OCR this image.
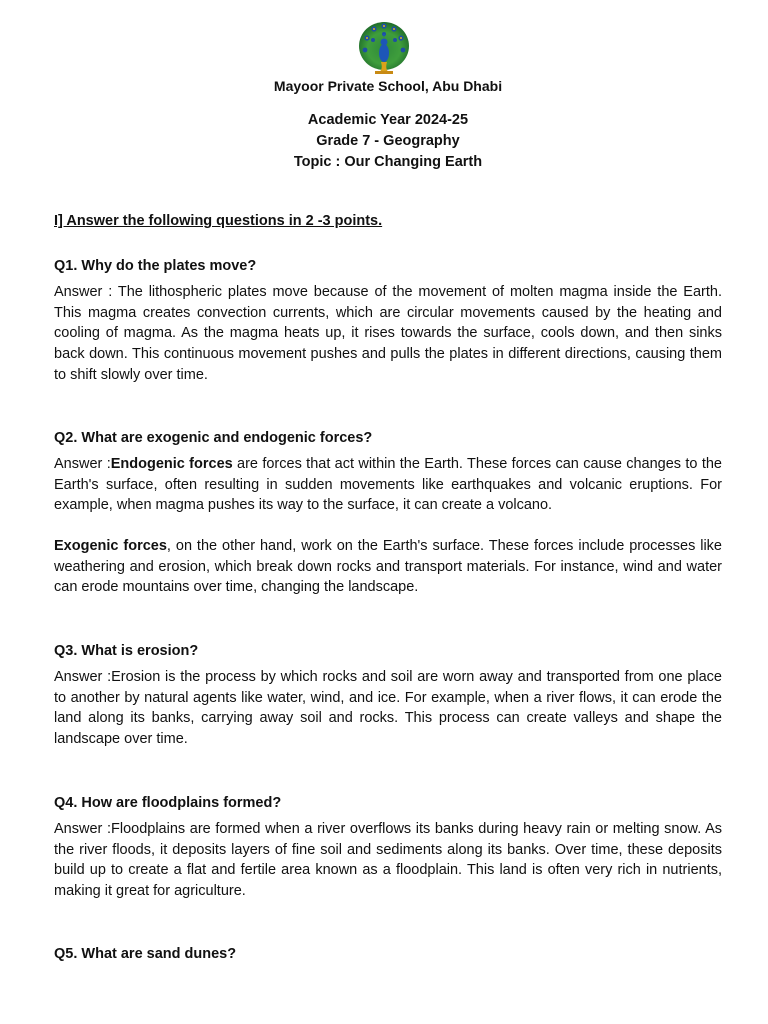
Mayoor Private School, Abu Dhabi
Academic Year 2024-25
Grade 7 - Geography
Topic : Our Changing Earth
I] Answer the following questions in 2 -3 points.
Q1. Why do the plates move?

Answer : The lithospheric plates move because of the movement of molten magma inside the Earth. This magma creates convection currents, which are circular movements caused by the heating and cooling of magma. As the magma heats up, it rises towards the surface, cools down, and then sinks back down. This continuous movement pushes and pulls the plates in different directions, causing them to shift slowly over time.

Q2. What are exogenic and endogenic forces?

Answer :Endogenic forces are forces that act within the Earth. These forces can cause changes to the Earth's surface, often resulting in sudden movements like earthquakes and volcanic eruptions. For example, when magma pushes its way to the surface, it can create a volcano.

Exogenic forces, on the other hand, work on the Earth's surface. These forces include processes like weathering and erosion, which break down rocks and transport materials. For instance, wind and water can erode mountains over time, changing the landscape.

Q3. What is erosion?

Answer :Erosion is the process by which rocks and soil are worn away and transported from one place to another by natural agents like water, wind, and ice. For example, when a river flows, it can erode the land along its banks, carrying away soil and rocks. This process can create valleys and shape the landscape over time.

Q4. How are floodplains formed?

Answer :Floodplains are formed when a river overflows its banks during heavy rain or melting snow. As the river floods, it deposits layers of fine soil and sediments along its banks. Over time, these deposits build up to create a flat and fertile area known as a floodplain. This land is often very rich in nutrients, making it great for agriculture.

Q5. What are sand dunes?
